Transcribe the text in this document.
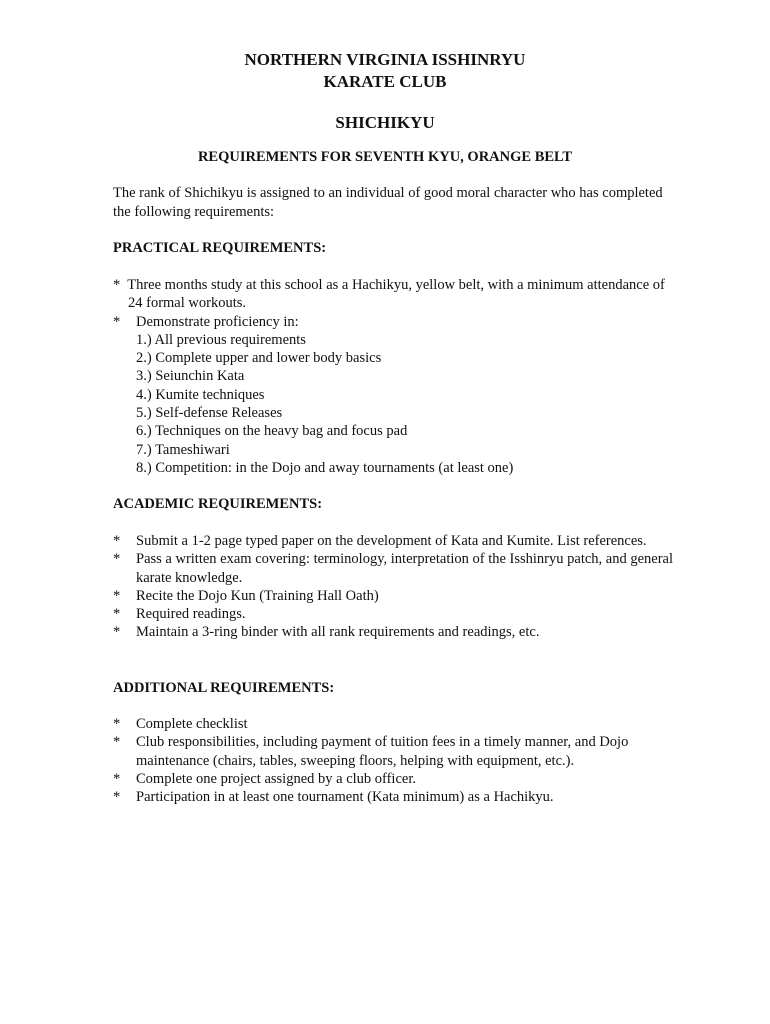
NORTHERN VIRGINIA ISSHINRYU
KARATE CLUB
SHICHIKYU
REQUIREMENTS FOR SEVENTH KYU, ORANGE BELT
The rank of Shichikyu is assigned to an individual of good moral character who has completed the following requirements:
PRACTICAL REQUIREMENTS:
* Three months study at this school as a Hachikyu, yellow belt, with a minimum attendance of 24 formal workouts.
* Demonstrate proficiency in:
1.) All previous requirements
2.) Complete upper and lower body basics
3.) Seiunchin Kata
4.) Kumite techniques
5.) Self-defense Releases
6.) Techniques on the heavy bag and focus pad
7.) Tameshiwari
8.) Competition: in the Dojo and away tournaments (at least one)
ACADEMIC REQUIREMENTS:
* Submit a 1-2 page typed paper on the development of Kata and Kumite. List references.
* Pass a written exam covering: terminology, interpretation of the Isshinryu patch, and general karate knowledge.
* Recite the Dojo Kun (Training Hall Oath)
* Required readings.
* Maintain a 3-ring binder with all rank requirements and readings, etc.
ADDITIONAL REQUIREMENTS:
* Complete checklist
* Club responsibilities, including payment of tuition fees in a timely manner, and Dojo maintenance (chairs, tables, sweeping floors, helping with equipment, etc.).
* Complete one project assigned by a club officer.
* Participation in at least one tournament (Kata minimum) as a Hachikyu.
